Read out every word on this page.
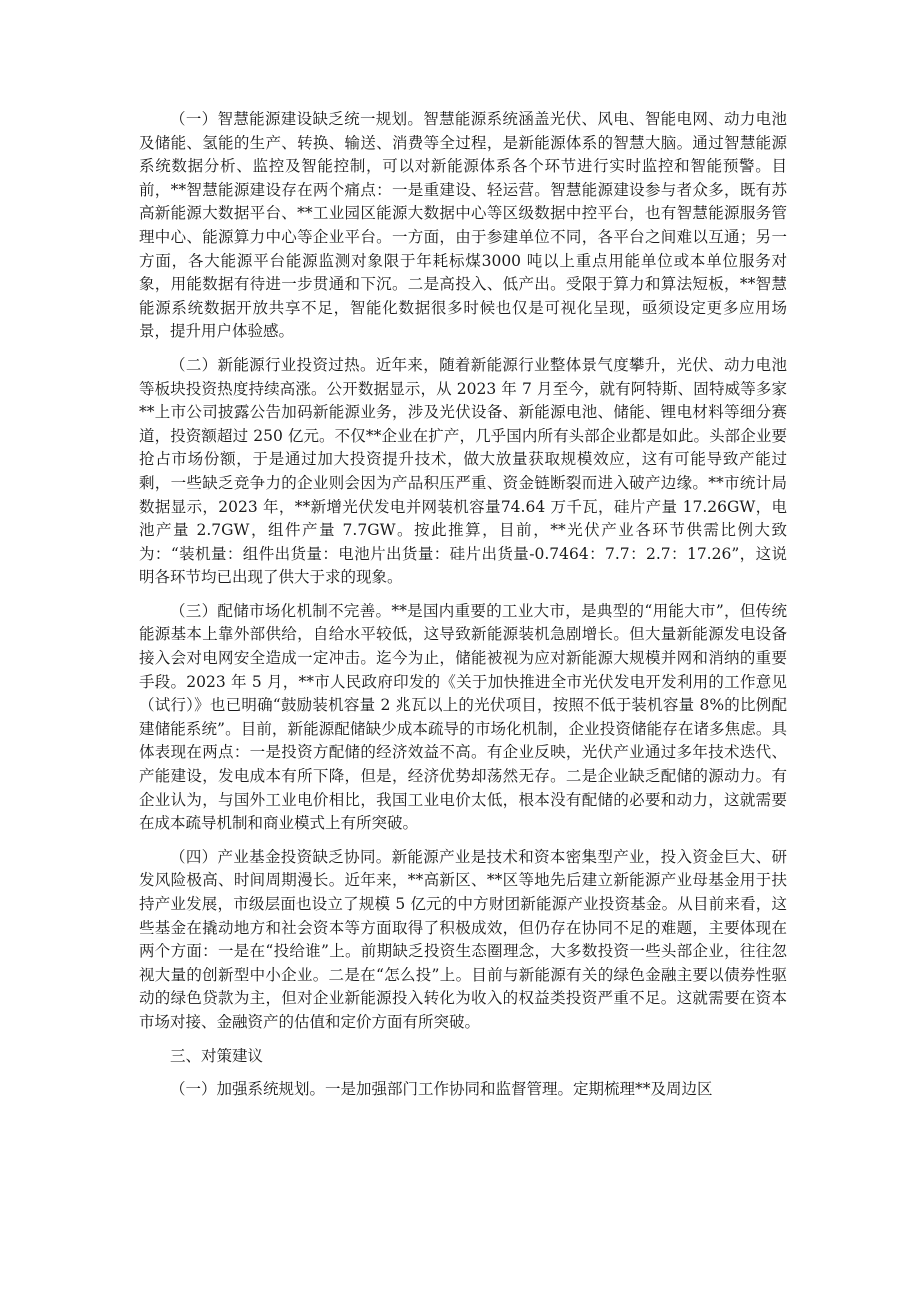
（一）智慧能源建设缺乏统一规划。智慧能源系统涵盖光伏、风电、智能电网、动力电池及储能、氢能的生产、转换、输送、消费等全过程，是新能源体系的智慧大脑。通过智慧能源系统数据分析、监控及智能控制，可以对新能源体系各个环节进行实时监控和智能预警。目前，**智慧能源建设存在两个痛点：一是重建设、轻运营。智慧能源建设参与者众多，既有苏高新能源大数据平台、**工业园区能源大数据中心等区级数据中控平台，也有智慧能源服务管理中心、能源算力中心等企业平台。一方面，由于参建单位不同，各平台之间难以互通；另一方面，各大能源平台能源监测对象限于年耗标煤3000 吨以上重点用能单位或本单位服务对象，用能数据有待进一步贯通和下沉。二是高投入、低产出。受限于算力和算法短板，**智慧能源系统数据开放共享不足，智能化数据很多时候也仅是可视化呈现，亟须设定更多应用场景，提升用户体验感。

（二）新能源行业投资过热。近年来，随着新能源行业整体景气度攀升，光伏、动力电池等板块投资热度持续高涨。公开数据显示，从 2023 年 7 月至今，就有阿特斯、固特威等多家**上市公司披露公告加码新能源业务，涉及光伏设备、新能源电池、储能、锂电材料等细分赛道，投资额超过 250 亿元。不仅**企业在扩产，几乎国内所有头部企业都是如此。头部企业要抢占市场份额，于是通过加大投资提升技术，做大放量获取规模效应，这有可能导致产能过剩，一些缺乏竞争力的企业则会因为产品积压严重、资金链断裂而进入破产边缘。**市统计局数据显示，2023 年，**新增光伏发电并网装机容量74.64 万千瓦，硅片产量 17.26GW，电池产量 2.7GW，组件产量 7.7GW。按此推算，目前，**光伏产业各环节供需比例大致为：“装机量：组件出货量：电池片出货量：硅片出货量-0.7464：7.7：2.7：17.26”，这说明各环节均已出现了供大于求的现象。

（三）配储市场化机制不完善。**是国内重要的工业大市，是典型的“用能大市”，但传统能源基本上靠外部供给，自给水平较低，这导致新能源装机急剧增长。但大量新能源发电设备接入会对电网安全造成一定冲击。迄今为止，储能被视为应对新能源大规模并网和消纳的重要手段。2023 年 5 月，**市人民政府印发的《关于加快推进全市光伏发电开发利用的工作意见（试行）》也已明确“鼓励装机容量 2 兆瓦以上的光伏项目，按照不低于装机容量 8%的比例配建储能系统”。目前，新能源配储缺少成本疏导的市场化机制，企业投资储能存在诸多焦虑。具体表现在两点：一是投资方配储的经济效益不高。有企业反映，光伏产业通过多年技术迭代、产能建设，发电成本有所下降，但是，经济优势却荡然无存。二是企业缺乏配储的源动力。有企业认为，与国外工业电价相比，我国工业电价太低，根本没有配储的必要和动力，这就需要在成本疏导机制和商业模式上有所突破。

（四）产业基金投资缺乏协同。新能源产业是技术和资本密集型产业，投入资金巨大、研发风险极高、时间周期漫长。近年来，**高新区、**区等地先后建立新能源产业母基金用于扶持产业发展，市级层面也设立了规模 5 亿元的中方财团新能源产业投资基金。从目前来看，这些基金在撬动地方和社会资本等方面取得了积极成效，但仍存在协同不足的难题，主要体现在两个方面：一是在“投给谁”上。前期缺乏投资生态圈理念，大多数投资一些头部企业，往往忽视大量的创新型中小企业。二是在“怎么投”上。目前与新能源有关的绿色金融主要以债券性驱动的绿色贷款为主，但对企业新能源投入转化为收入的权益类投资严重不足。这就需要在资本市场对接、金融资产的估值和定价方面有所突破。

三、对策建议

（一）加强系统规划。一是加强部门工作协同和监督管理。定期梳理**及周边区
